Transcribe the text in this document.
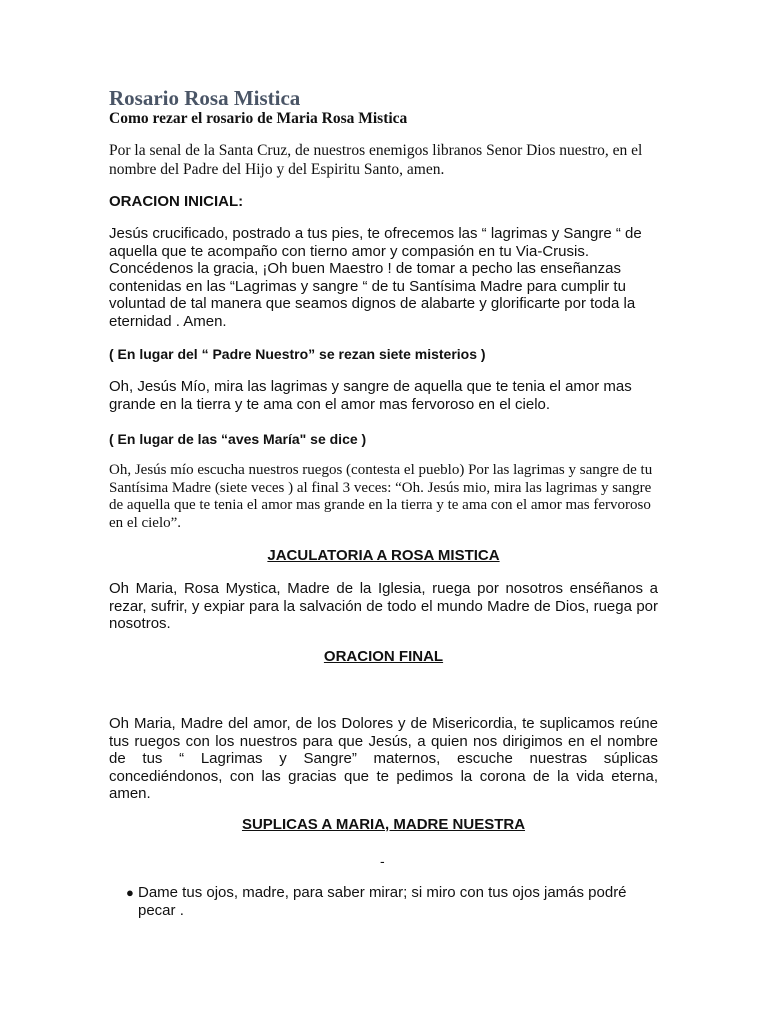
Rosario Rosa Mistica

Como rezar el rosario de Maria Rosa Mistica

Por la senal de la Santa Cruz, de nuestros enemigos libranos Senor Dios nuestro, en el nombre del Padre del Hijo y del Espiritu Santo, amen.

ORACION INICIAL:

Jesús crucificado, postrado a tus pies, te ofrecemos las “ lagrimas y Sangre “ de aquella que te acompaño con tierno amor y compasión en tu Via-Crusis. Concédenos la gracia, ¡Oh buen Maestro ! de tomar a pecho las enseñanzas contenidas en las “Lagrimas y sangre “ de tu Santísima Madre para cumplir tu voluntad de tal manera que seamos dignos de alabarte y glorificarte por toda la eternidad . Amen.

( En lugar del “ Padre Nuestro” se rezan siete misterios )

Oh, Jesús Mío, mira las lagrimas y sangre de aquella que te tenia el amor mas grande en la tierra y te ama con el amor mas fervoroso en el cielo.

( En lugar de las “aves María" se dice )

Oh, Jesús mío escucha nuestros ruegos (contesta el pueblo) Por las lagrimas y sangre de tu Santísima Madre (siete veces ) al final 3 veces: “Oh. Jesús mio, mira las lagrimas y sangre de aquella que te tenia el amor mas grande en la tierra y te ama con el amor mas fervoroso en el cielo”.

JACULATORIA A ROSA MISTICA

Oh Maria, Rosa Mystica, Madre de la Iglesia, ruega por nosotros enséñanos a rezar, sufrir, y expiar para la salvación de todo el mundo Madre de Dios, ruega por nosotros.

ORACION FINAL

Oh Maria, Madre del amor, de los Dolores y de Misericordia, te suplicamos reúne tus ruegos con los nuestros para que Jesús, a quien nos dirigimos en el nombre de tus “ Lagrimas y Sangre” maternos, escuche nuestras súplicas concediéndonos, con las gracias que te pedimos la corona de la vida eterna, amen.

SUPLICAS A MARIA, MADRE NUESTRA

-
● Dame tus ojos, madre, para saber mirar; si miro con tus ojos jamás podré pecar .
